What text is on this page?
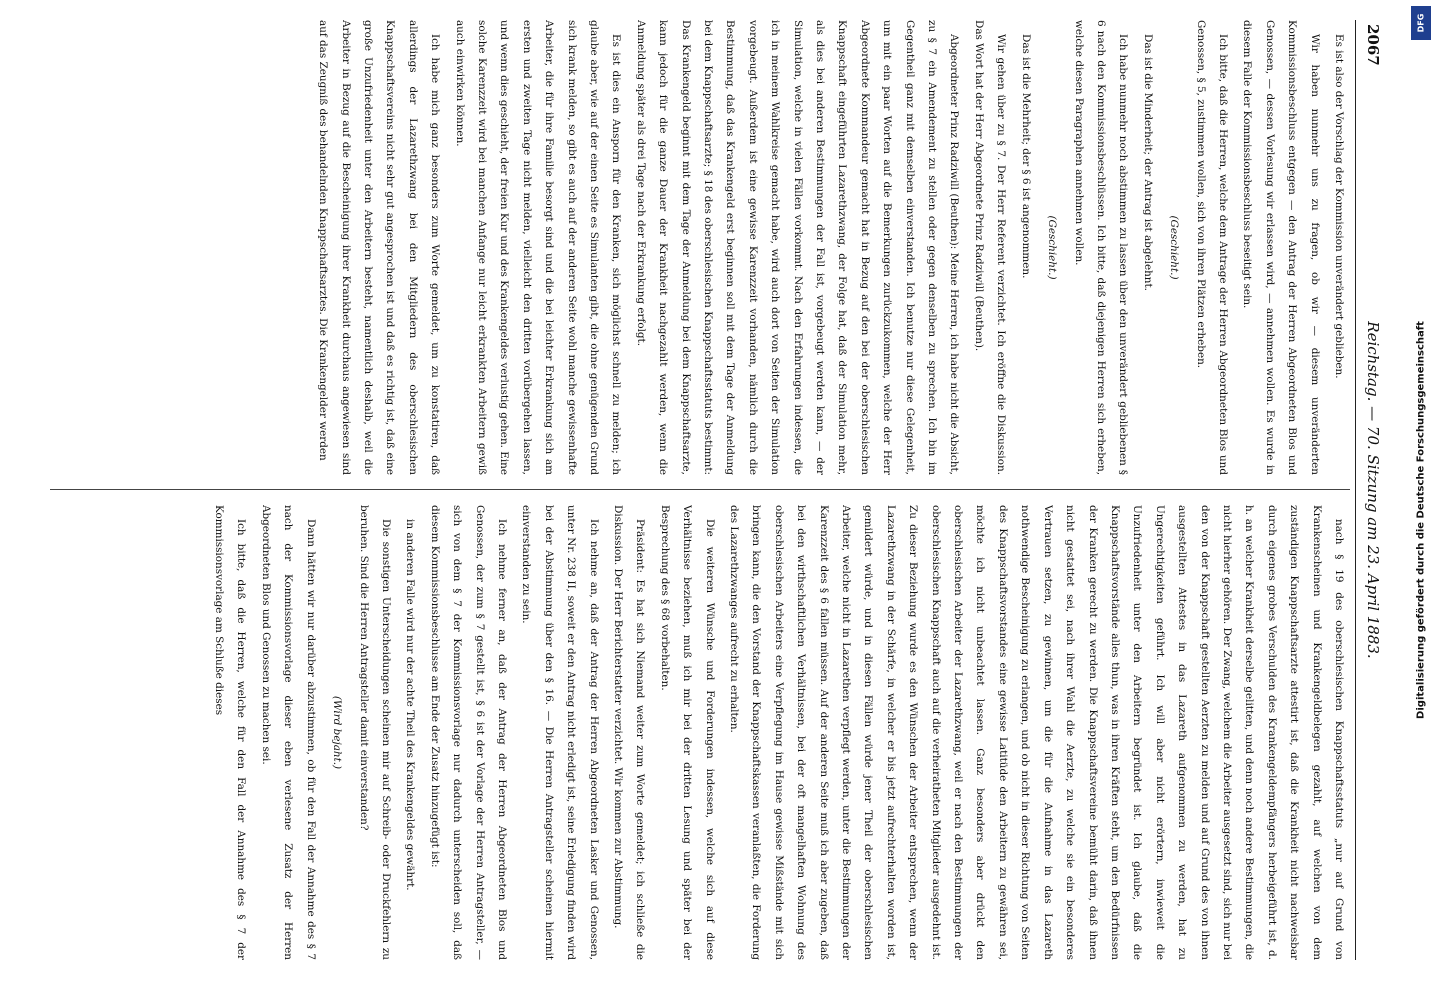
2067
Reichstag. — 70. Sitzung am 23. April 1883.

Es ist also der Vorschlag der Kommission unverändert geblieben.

Wir haben nunmehr uns zu fragen, ob wir — diesem unveränderten Kommissionsbeschluss entgegen — den Antrag der Herren Abgeordneten Blos und Genossen, — dessen Vorlesung wir erlassen wird, — annehmen wollen. Es wurde in diesem Falle der Kommissionsbeschluss beseitigt sein.

Ich bitte, daß die Herren, welche dem Antrage der Herren Abgeordneten Blos und Genossen, § 5, zustimmen wollen, sich von ihren Plätzen erheben.

(Geschieht.)

Das ist die Minderheit; der Antrag ist abgelehnt.

Ich habe nunmehr noch abstimmen zu lassen über den unverändert gebliebenen § 6 nach den Kommissionsbeschlüssen. Ich bitte, daß diejenigen Herren sich erheben, welche diesen Paragraphen annehmen wollen.

(Geschieht.)

Das ist die Mehrheit; der § 6 ist angenommen.

Wir gehen über zu § 7. Der Herr Referent verzichtet. Ich eröffne die Diskussion. Das Wort hat der Herr Abgeordnete Prinz Radziwill (Beuthen).

Abgeordneter Prinz Radziwill (Beuthen): Meine Herren, ich habe nicht die Absicht, zu § 7 ein Amendement zu stellen oder gegen denselben zu sprechen. Ich bin im Gegentheil ganz mit demselben einverstanden. Ich benutze nur diese Gelegenheit, um mit ein paar Worten auf die Bemerkungen zurückzukommen, welche der Herr Abgeordnete Kommandeur gemacht hat in Bezug auf den bei der oberschlesischen Knappschaft eingeführten Lazarethzwang, der Folge hat, daß der Simulation mehr, als dies bei anderen Bestimmungen der Fall ist, vorgebeugt werden kann, — der Simulation, welche in vielen Fällen vorkommt. Nach den Erfahrungen indessen, die ich in meinem Wahlkreise gemacht habe, wird auch dort von Seiten der Simulation vorgebeugt. Außerdem ist eine gewisse Karenzzeit vorhanden, nämlich durch die Bestimmung, daß das Krankengeld erst beginnen soll mit dem Tage der Anmeldung bei dem Knappschaftsarzte; § 18 des oberschlesischen Knappschaftsstatuts bestimmt: Das Krankengeld beginnt mit dem Tage der Anmeldung bei dem Knappschaftsarzte, kann jedoch für die ganze Dauer der Krankheit nachgezahlt werden, wenn die Anmeldung später als drei Tage nach der Erkrankung erfolgt.

Es ist dies ein Ansporn für den Kranken, sich möglichst schnell zu melden; ich glaube aber, wie auf der einen Seite es Simulanten gibt, die ohne genügenden Grund sich krank melden, so gibt es auch auf der anderen Seite wohl manche gewissenhafte Arbeiter, die für ihre Familie besorgt sind und die bei leichter Erkrankung sich am ersten und zweiten Tage nicht melden, vielleicht den dritten vorübergehen lassen, und wenn dies geschieht, der freien Kur und des Krankengeldes verlustig gehen. Eine solche Karenzzeit wird bei manchen Anfange nur leicht erkrankten Arbeitern gewiß auch einwirken können.

Ich habe mich ganz besonders zum Worte gemeldet, um zu konstatiren, daß allerdings der Lazarethzwang bei den Mitgliedern des oberschlesischen Knappschaftsvereins nicht sehr gut angesprochen ist und daß es richtig ist, daß eine große Unzufriedenheit unter den Arbeitern besteht, namentlich deshalb, weil die Arbeiter in Bezug auf die Bescheinigung ihrer Krankheit durchaus angewiesen sind auf das Zeugniß des behandelnden Knappschaftsarztes. Die Krankengelder werden

nach § 19 des oberschlesischen Knappschaftsstatuts „nur auf Grund von Krankenscheinen und Krankengeldbelegen gezahlt, auf welchen von dem zuständigen Knappschaftsarzte attestirt ist, daß die Krankheit nicht nachweisbar durch eigenes grobes Verschulden des Krankengeldempfängers herbeigeführt ist, d. h. an welcher Krankheit derselbe gelitten, und denn noch andere Bestimmungen, die nicht hierher gehören. Der Zwang, welchem die Arbeiter ausgesetzt sind, sich nur bei den von der Knappschaft gestellten Aerzten zu melden und auf Grund des von ihnen ausgestellten Attestes in das Lazareth aufgenommen zu werden, hat zu Ungerechtigkeiten geführt. Ich will aber nicht erörtern, inwieweit die Unzufriedenheit unter den Arbeitern begründet ist. Ich glaube, daß die Knappschaftsvorstände alles thun, was in ihren Kräften steht, um den Bedürfnissen der Kranken gerecht zu werden. Die Knappschaftsvereine bemüht darin, daß ihnen nicht gestattet sei, nach ihrer Wahl die Aerzte, zu welche sie ein besonderes Vertrauen setzen, zu gewinnen, um die für die Aufnahme in das Lazareth nothwendige Bescheinigung zu erlangen, und ob nicht in dieser Richtung von Seiten des Knappschaftsvorstandes eine gewisse Latitüde den Arbeitern zu gewähren sei, möchte ich nicht unbeachtet lassen. Ganz besonders aber drückt den oberschlesischen Arbeiter der Lazarethzwang, weil er nach den Bestimmungen der oberschlesischen Knappschaft auch auf die verheiratheten Mitglieder ausgedehnt ist. Zu dieser Beziehung wurde es den Wünschen der Arbeiter entsprechen, wenn der Lazarethzwang in der Schärfe, in welcher er bis jetzt aufrechterhalten worden ist, gemildert würde, und in diesen Fällen würde jener Theil der oberschlesischen Arbeiter, welche nicht in Lazarethen verpflegt werden, unter die Bestimmungen der Karenzzeit des § 6 fallen müssen. Auf der anderen Seite muß ich aber zugeben, daß bei den wirthschaftlichen Verhältnissen, bei der oft mangelhaften Wohnung des oberschlesischen Arbeiters eine Verpflegung im Hause gewisse Mißstände mit sich bringen kann, die den Vorstand der Knappschaftskassen veranlaßten, die Forderung des Lazarethzwanges aufrecht zu erhalten.

Die weiteren Wünsche und Forderungen indessen, welche sich auf diese Verhältnisse beziehen, muß ich mir bei der dritten Lesung und später bei der Besprechung des § 68 vorbehalten.

Präsident: Es hat sich Niemand weiter zum Worte gemeldet; ich schließe die Diskussion. Der Herr Berichterstatter verzichtet. Wir kommen zur Abstimmung.

Ich nehme an, daß der Antrag der Herren Abgeordneten Lasker und Genossen, unter Nr. 238 II, soweit er den Antrag nicht erledigt ist, seine Erledigung finden wird bei der Abstimmung über den § 16. — Die Herren Antragsteller scheinen hiermit einverstanden zu sein.

Ich nehme ferner an, daß der Antrag der Herren Abgeordneten Blos und Genossen, der zum § 7 gestellt ist, § 6 ist der Vorlage der Herren Antragsteller, — sich von dem § 7 der Kommissionsvorlage nur dadurch unterscheiden soll, daß diesem Kommissionsbeschlusse am Ende der Zusatz hinzugefügt ist:

in anderen Falle wird nur der achte Theil des Krankengeldes gewährt.

Die sonstigen Unterscheidungen scheinen mir auf Schreib- oder Druckfehlern zu beruhen. Sind die Herren Antragsteller damit einverstanden?

(Wird bejaht.)

Dann hätten wir nur darüber abzustimmen, ob für den Fall der Annahme des § 7 nach der Kommissionsvorlage dieser eben verlesene Zusatz der Herren Abgeordneten Blos und Genossen zu machen sei.

Ich bitte, daß die Herren, welche für den Fall der Annahme des § 7 der Kommissionsvorlage am Schluße dieses

DFG
Digitalisierung gefördert durch die Deutsche Forschungsgemeinschaft
